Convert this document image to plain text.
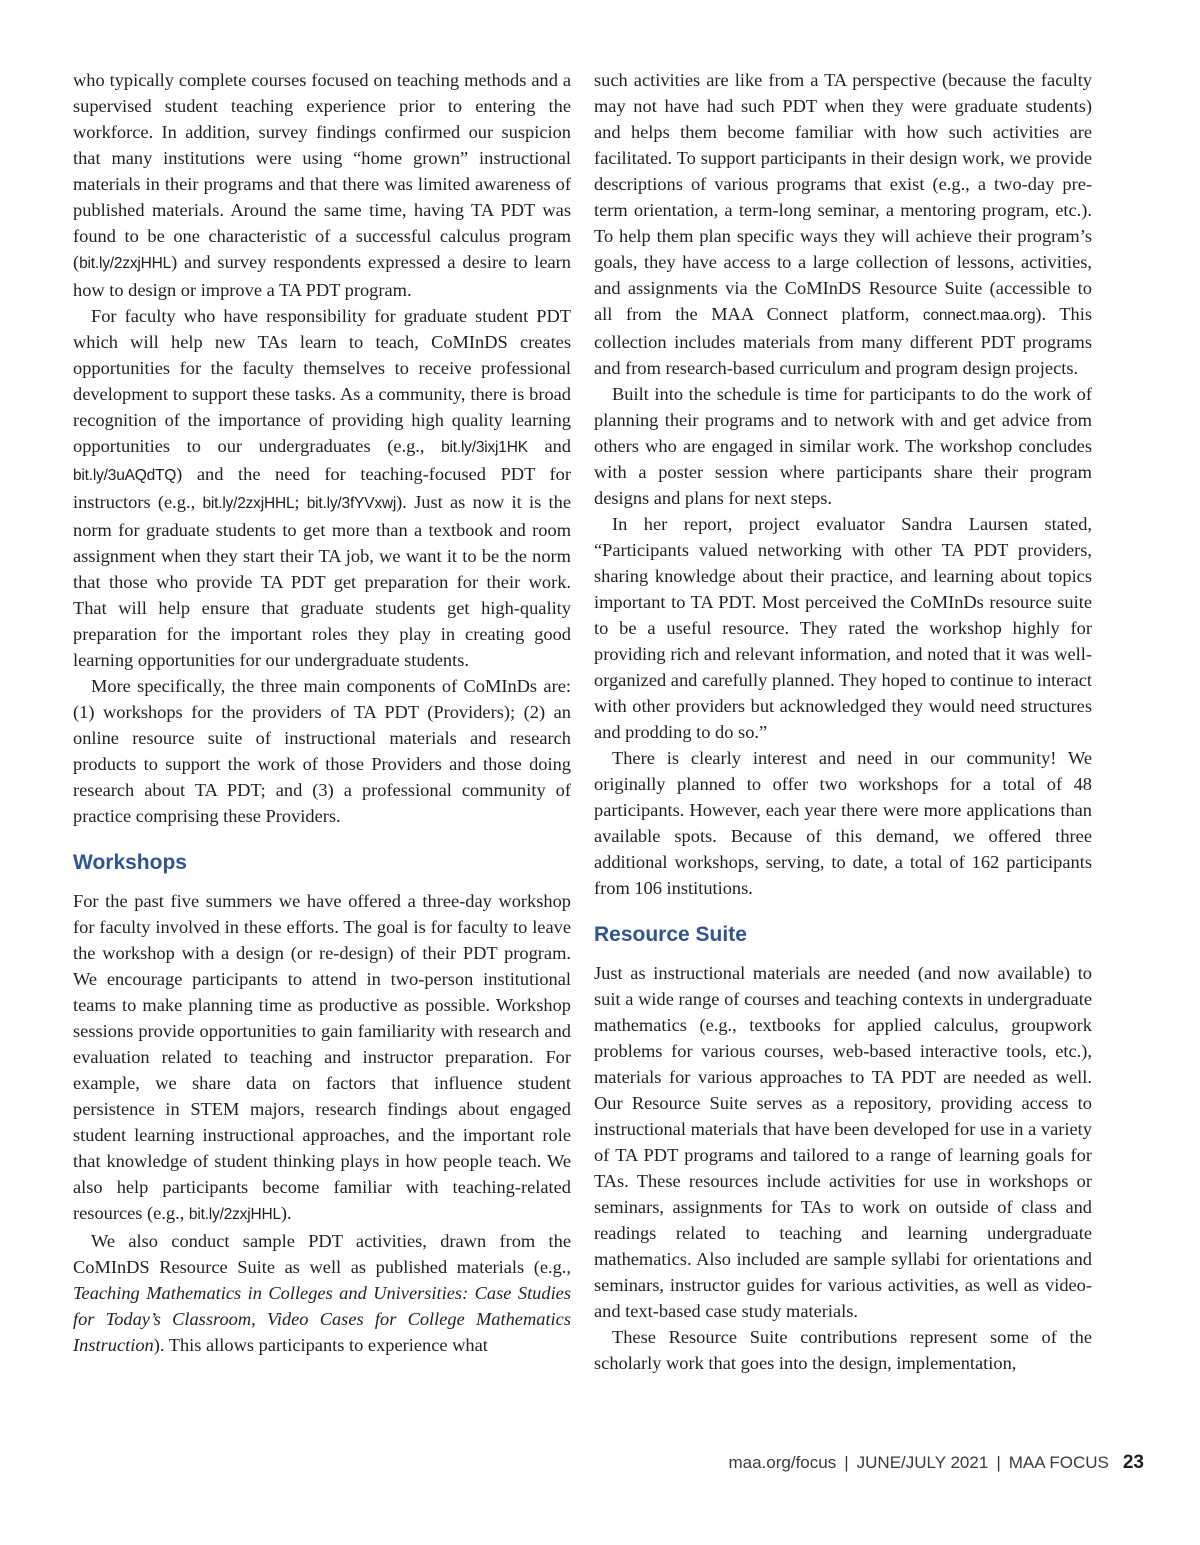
who typically complete courses focused on teaching methods and a supervised student teaching experience prior to entering the workforce. In addition, survey findings confirmed our suspicion that many institutions were using “home grown” instructional materials in their programs and that there was limited awareness of published materials. Around the same time, having TA PDT was found to be one characteristic of a successful calculus program (bit.ly/2zxjHHL) and survey respondents expressed a desire to learn how to design or improve a TA PDT program.

For faculty who have responsibility for graduate student PDT which will help new TAs learn to teach, CoMInDS creates opportunities for the faculty themselves to receive professional development to support these tasks. As a community, there is broad recognition of the importance of providing high quality learning opportunities to our undergraduates (e.g., bit.ly/3ixj1HK and bit.ly/3uAQdTQ) and the need for teaching-focused PDT for instructors (e.g., bit.ly/2zxjHHL; bit.ly/3fYVxwj). Just as now it is the norm for graduate students to get more than a textbook and room assignment when they start their TA job, we want it to be the norm that those who provide TA PDT get preparation for their work. That will help ensure that graduate students get high-quality preparation for the important roles they play in creating good learning opportunities for our undergraduate students.

More specifically, the three main components of CoMInDs are: (1) workshops for the providers of TA PDT (Providers); (2) an online resource suite of instructional materials and research products to support the work of those Providers and those doing research about TA PDT; and (3) a professional community of practice comprising these Providers.

Workshops

For the past five summers we have offered a three-day workshop for faculty involved in these efforts. The goal is for faculty to leave the workshop with a design (or re-design) of their PDT program. We encourage participants to attend in two-person institutional teams to make planning time as productive as possible. Workshop sessions provide opportunities to gain familiarity with research and evaluation related to teaching and instructor preparation. For example, we share data on factors that influence student persistence in STEM majors, research findings about engaged student learning instructional approaches, and the important role that knowledge of student thinking plays in how people teach. We also help participants become familiar with teaching-related resources (e.g., bit.ly/2zxjHHL).

We also conduct sample PDT activities, drawn from the CoMInDS Resource Suite as well as published materials (e.g., Teaching Mathematics in Colleges and Universities: Case Studies for Today’s Classroom, Video Cases for College Mathematics Instruction). This allows participants to experience what

such activities are like from a TA perspective (because the faculty may not have had such PDT when they were graduate students) and helps them become familiar with how such activities are facilitated. To support participants in their design work, we provide descriptions of various programs that exist (e.g., a two-day pre-term orientation, a term-long seminar, a mentoring program, etc.). To help them plan specific ways they will achieve their program’s goals, they have access to a large collection of lessons, activities, and assignments via the CoMInDS Resource Suite (accessible to all from the MAA Connect platform, connect.maa.org). This collection includes materials from many different PDT programs and from research-based curriculum and program design projects.

Built into the schedule is time for participants to do the work of planning their programs and to network with and get advice from others who are engaged in similar work. The workshop concludes with a poster session where participants share their program designs and plans for next steps.

In her report, project evaluator Sandra Laursen stated, “Participants valued networking with other TA PDT providers, sharing knowledge about their practice, and learning about topics important to TA PDT. Most perceived the CoMInDs resource suite to be a useful resource. They rated the workshop highly for providing rich and relevant information, and noted that it was well-organized and carefully planned. They hoped to continue to interact with other providers but acknowledged they would need structures and prodding to do so.”

There is clearly interest and need in our community! We originally planned to offer two workshops for a total of 48 participants. However, each year there were more applications than available spots. Because of this demand, we offered three additional workshops, serving, to date, a total of 162 participants from 106 institutions.

Resource Suite

Just as instructional materials are needed (and now available) to suit a wide range of courses and teaching contexts in undergraduate mathematics (e.g., textbooks for applied calculus, groupwork problems for various courses, web-based interactive tools, etc.), materials for various approaches to TA PDT are needed as well. Our Resource Suite serves as a repository, providing access to instructional materials that have been developed for use in a variety of TA PDT programs and tailored to a range of learning goals for TAs. These resources include activities for use in workshops or seminars, assignments for TAs to work on outside of class and readings related to teaching and learning undergraduate mathematics. Also included are sample syllabi for orientations and seminars, instructor guides for various activities, as well as video- and text-based case study materials.

These Resource Suite contributions represent some of the scholarly work that goes into the design, implementation,

maa.org/focus | JUNE/JULY 2021 | MAA FOCUS 23
